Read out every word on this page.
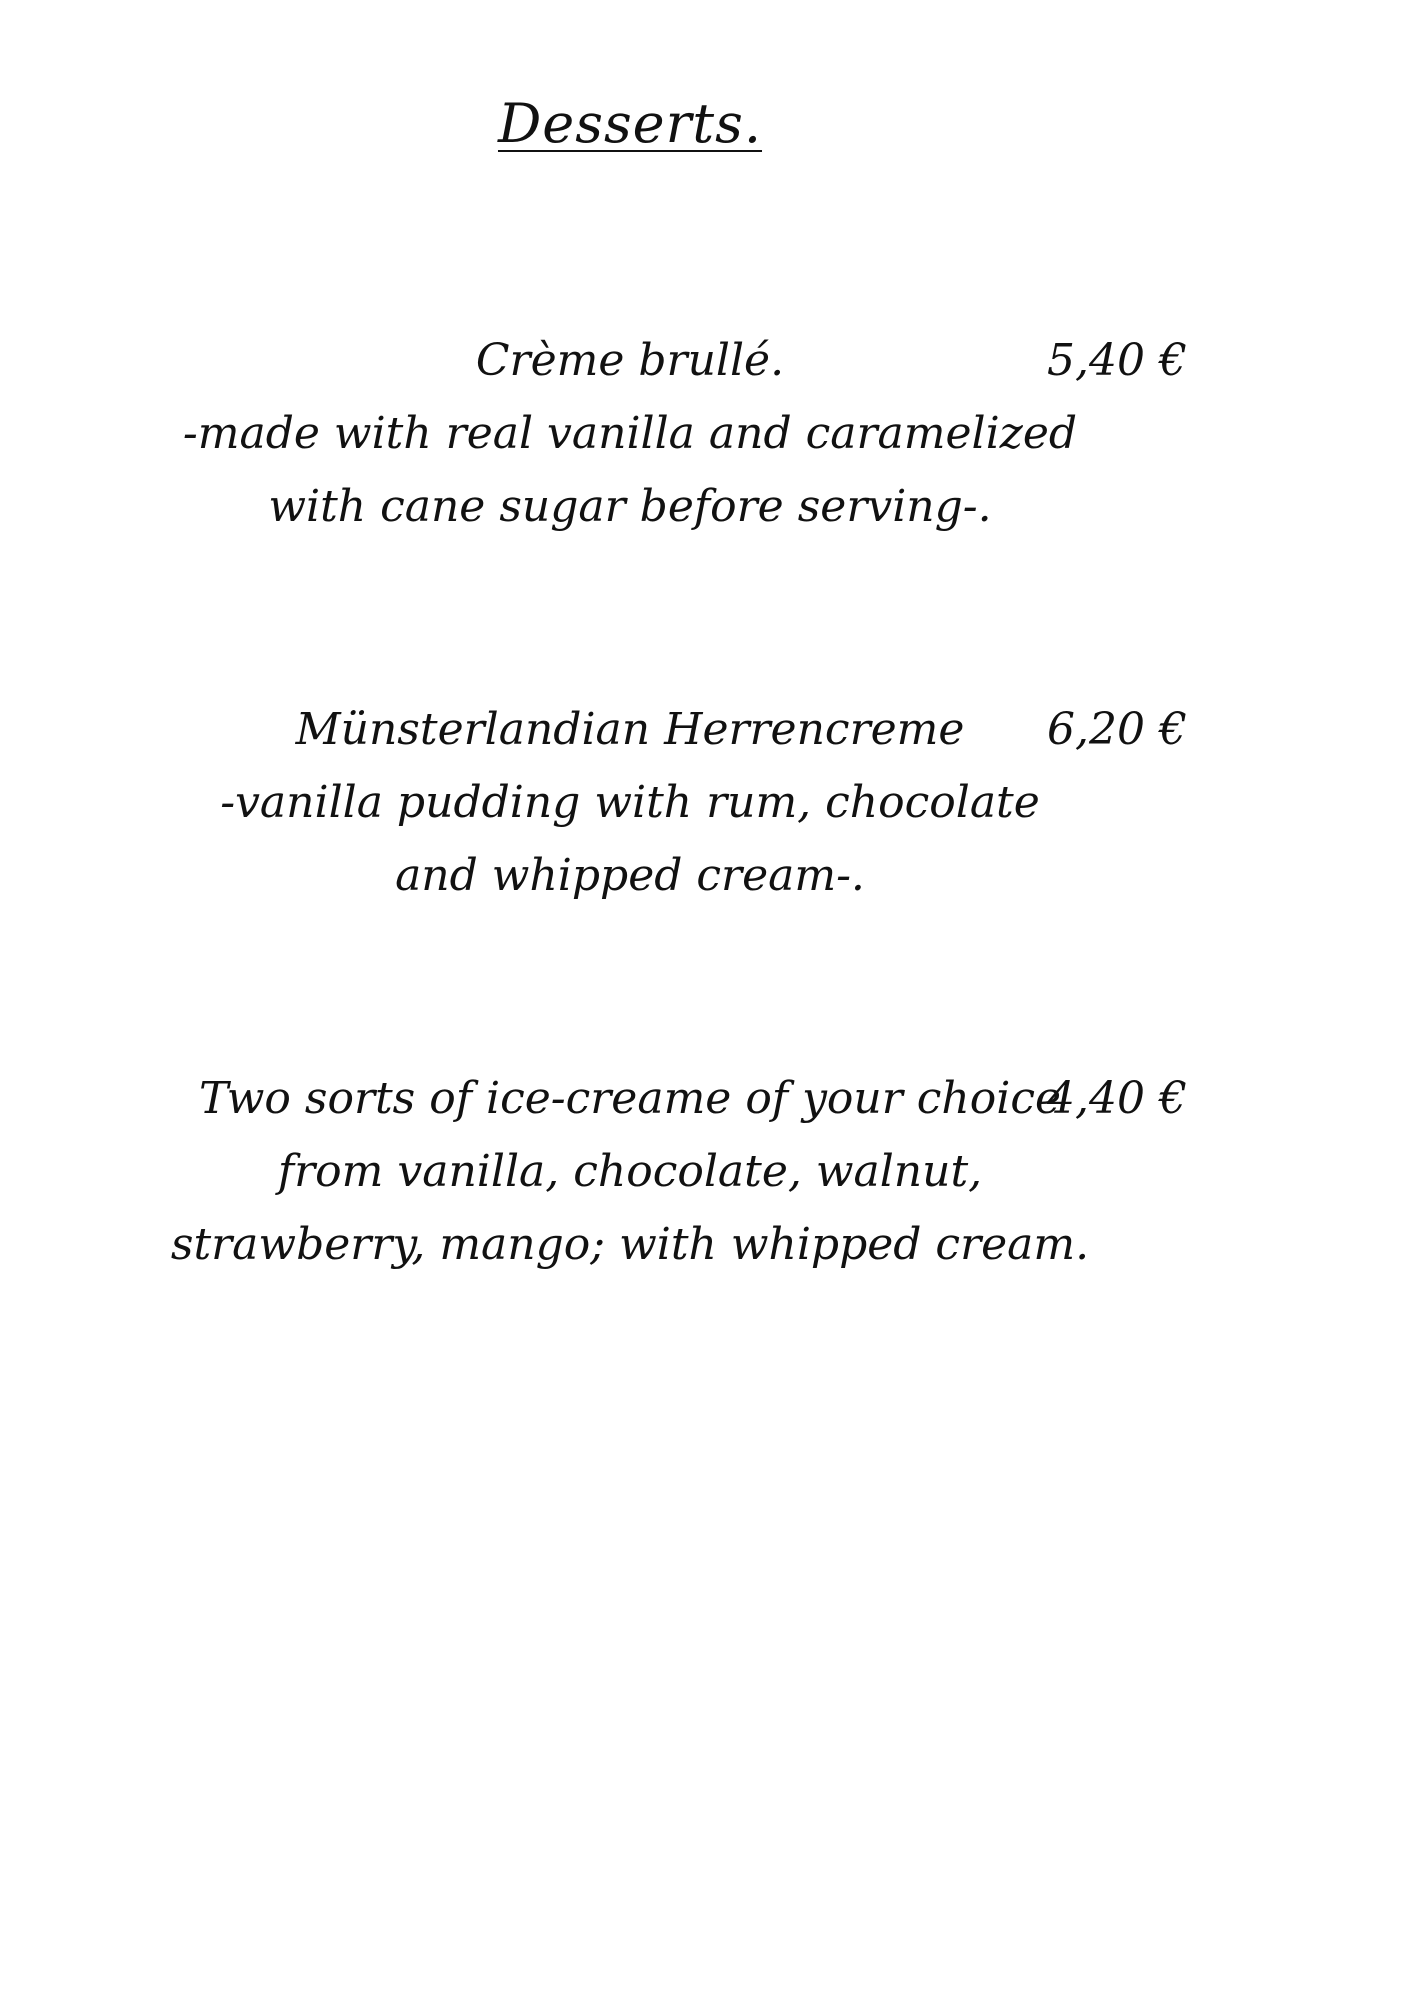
Desserts.
Crème brullé.	5,40 €
-made with real vanilla and caramelized
with cane sugar before serving-.
Münsterlandian Herrencreme	6,20 €
-vanilla pudding with rum, chocolate
and whipped cream-.
Two sorts of ice-creame of your choice
4,40 €
from vanilla, chocolate, walnut,
strawberry, mango; with whipped cream.
